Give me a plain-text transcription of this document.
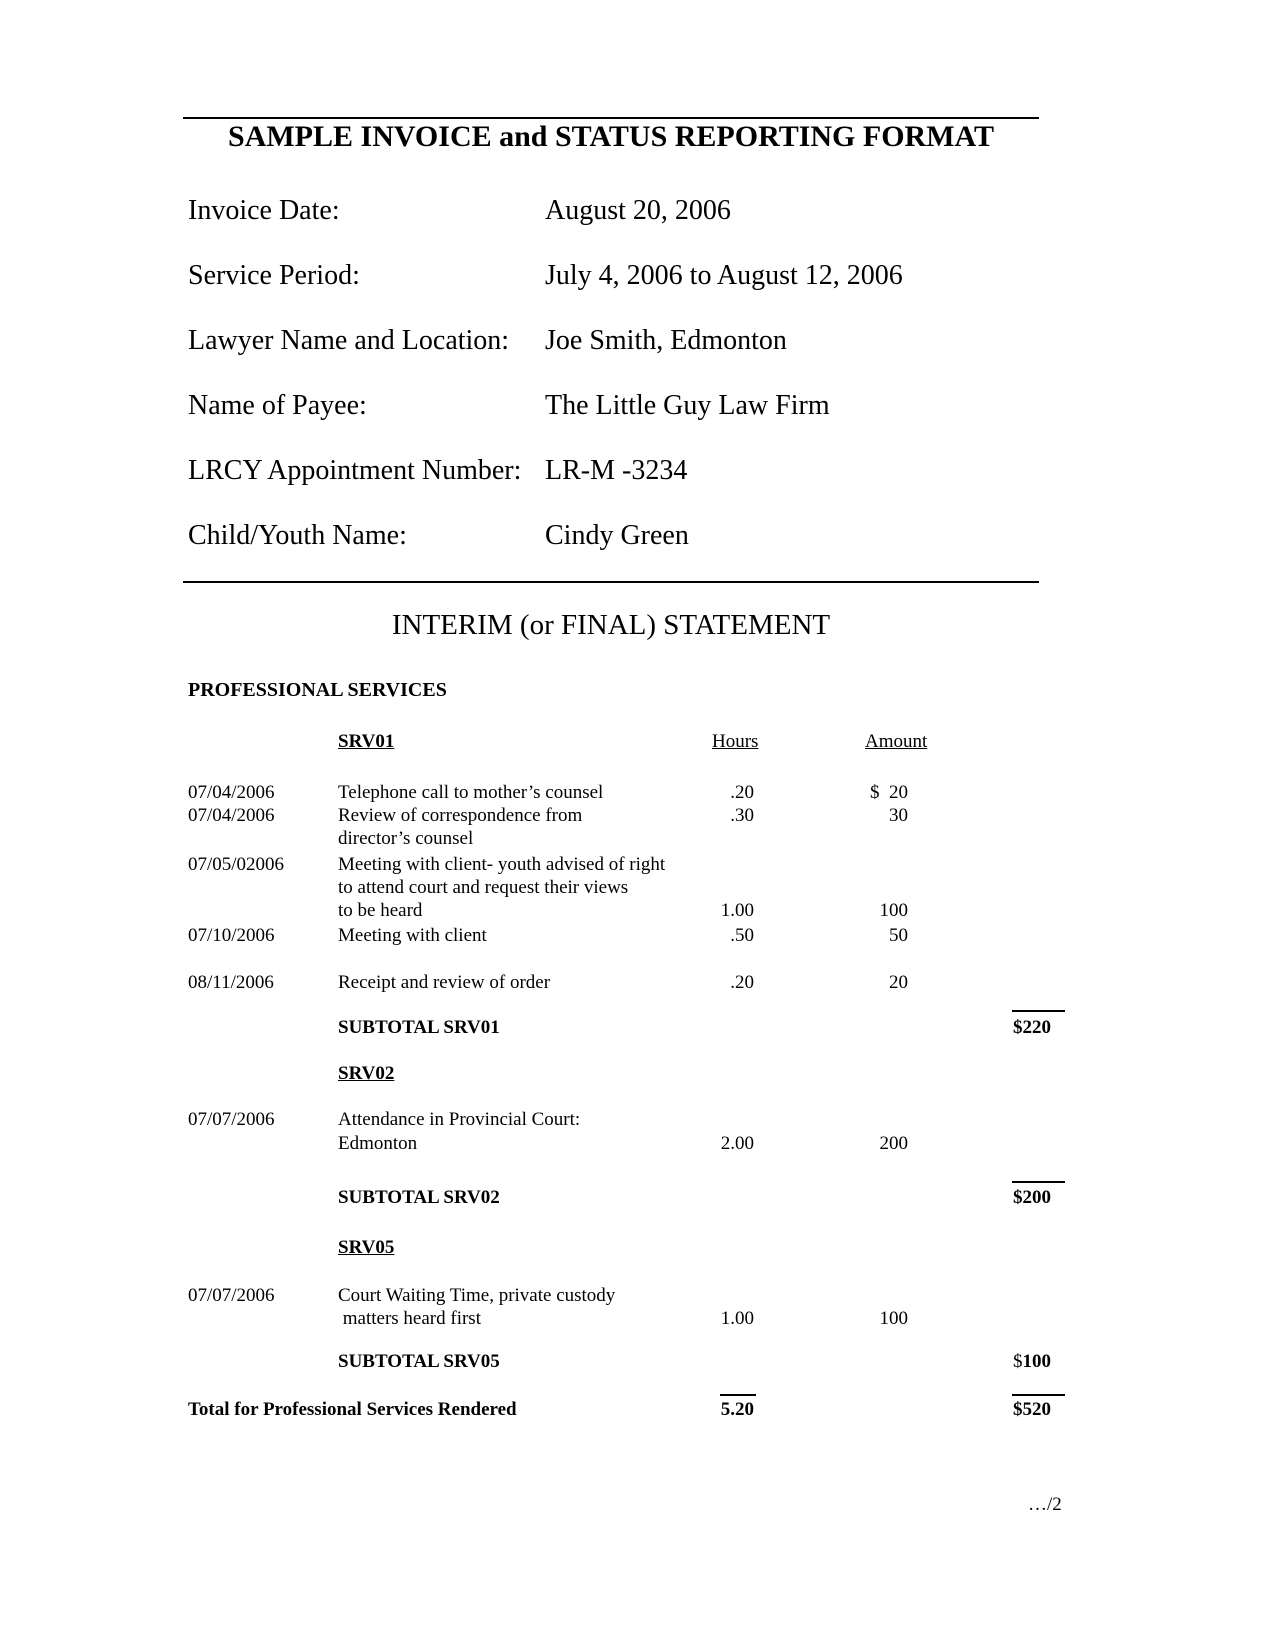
SAMPLE INVOICE and STATUS REPORTING FORMAT
Invoice Date:	August 20, 2006
Service Period:	July 4, 2006 to August 12, 2006
Lawyer Name and Location: Joe Smith, Edmonton
Name of Payee:	The Little Guy Law Firm
LRCY Appointment Number: LR-M -3234
Child/Youth Name:	Cindy Green
INTERIM (or FINAL) STATEMENT
PROFESSIONAL SERVICES
SRV01	Hours	Amount
07/04/2006	Telephone call to mother’s counsel	.20	$  20
07/04/2006	Review of correspondence from	.30	30
director’s counsel
07/05/02006	Meeting with client- youth advised of right
to attend court and request their views
to be heard	1.00	100
07/10/2006	Meeting with client	.50	50
08/11/2006	Receipt and review of order	.20	20
SUBTOTAL SRV01	$220
SRV02
07/07/2006	Attendance in Provincial Court:
Edmonton	2.00	200
SUBTOTAL SRV02	$200
SRV05
07/07/2006	Court Waiting Time, private custody
matters heard first	1.00	100
SUBTOTAL SRV05	$100
Total for Professional Services Rendered	5.20	$520
…/2
